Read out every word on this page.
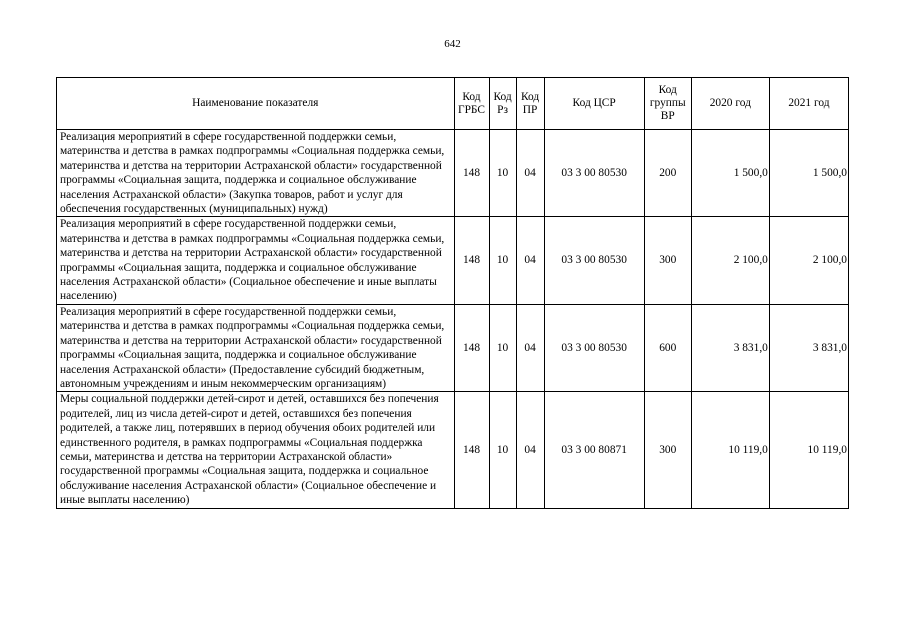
642
Наименование показателя	Код ГРБС	Код Рз	Код ПР	Код ЦСР	Код группы ВР	2020 год	2021 год
Реализация мероприятий в сфере государственной поддержки семьи, материнства и детства в рамках подпрограммы «Социальная поддержка семьи, материнства и детства на территории Астраханской области» государственной программы «Социальная защита, поддержка и социальное обслуживание населения Астраханской области» (Закупка товаров, работ и услуг для обеспечения государственных (муниципальных) нужд)	148	10	04	03 3 00 80530	200	1 500,0	1 500,0
Реализация мероприятий в сфере государственной поддержки семьи, материнства и детства в рамках подпрограммы «Социальная поддержка семьи, материнства и детства на территории Астраханской области» государственной программы «Социальная защита, поддержка и социальное обслуживание населения Астраханской области» (Социальное обеспечение и иные выплаты населению)	148	10	04	03 3 00 80530	300	2 100,0	2 100,0
Реализация мероприятий в сфере государственной поддержки семьи, материнства и детства в рамках подпрограммы «Социальная поддержка семьи, материнства и детства на территории Астраханской области» государственной программы «Социальная защита, поддержка и социальное обслуживание населения Астраханской области» (Предоставление субсидий бюджетным, автономным учреждениям и иным некоммерческим организациям)	148	10	04	03 3 00 80530	600	3 831,0	3 831,0
Меры социальной поддержки детей-сирот и детей, оставшихся без попечения родителей, лиц из числа детей-сирот и детей, оставшихся без попечения родителей, а также лиц, потерявших в период обучения обоих родителей или единственного родителя, в рамках подпрограммы «Социальная поддержка семьи, материнства и детства на территории Астраханской области» государственной программы «Социальная защита, поддержка и социальное обслуживание населения Астраханской области» (Социальное обеспечение и иные выплаты населению)	148	10	04	03 3 00 80871	300	10 119,0	10 119,0
